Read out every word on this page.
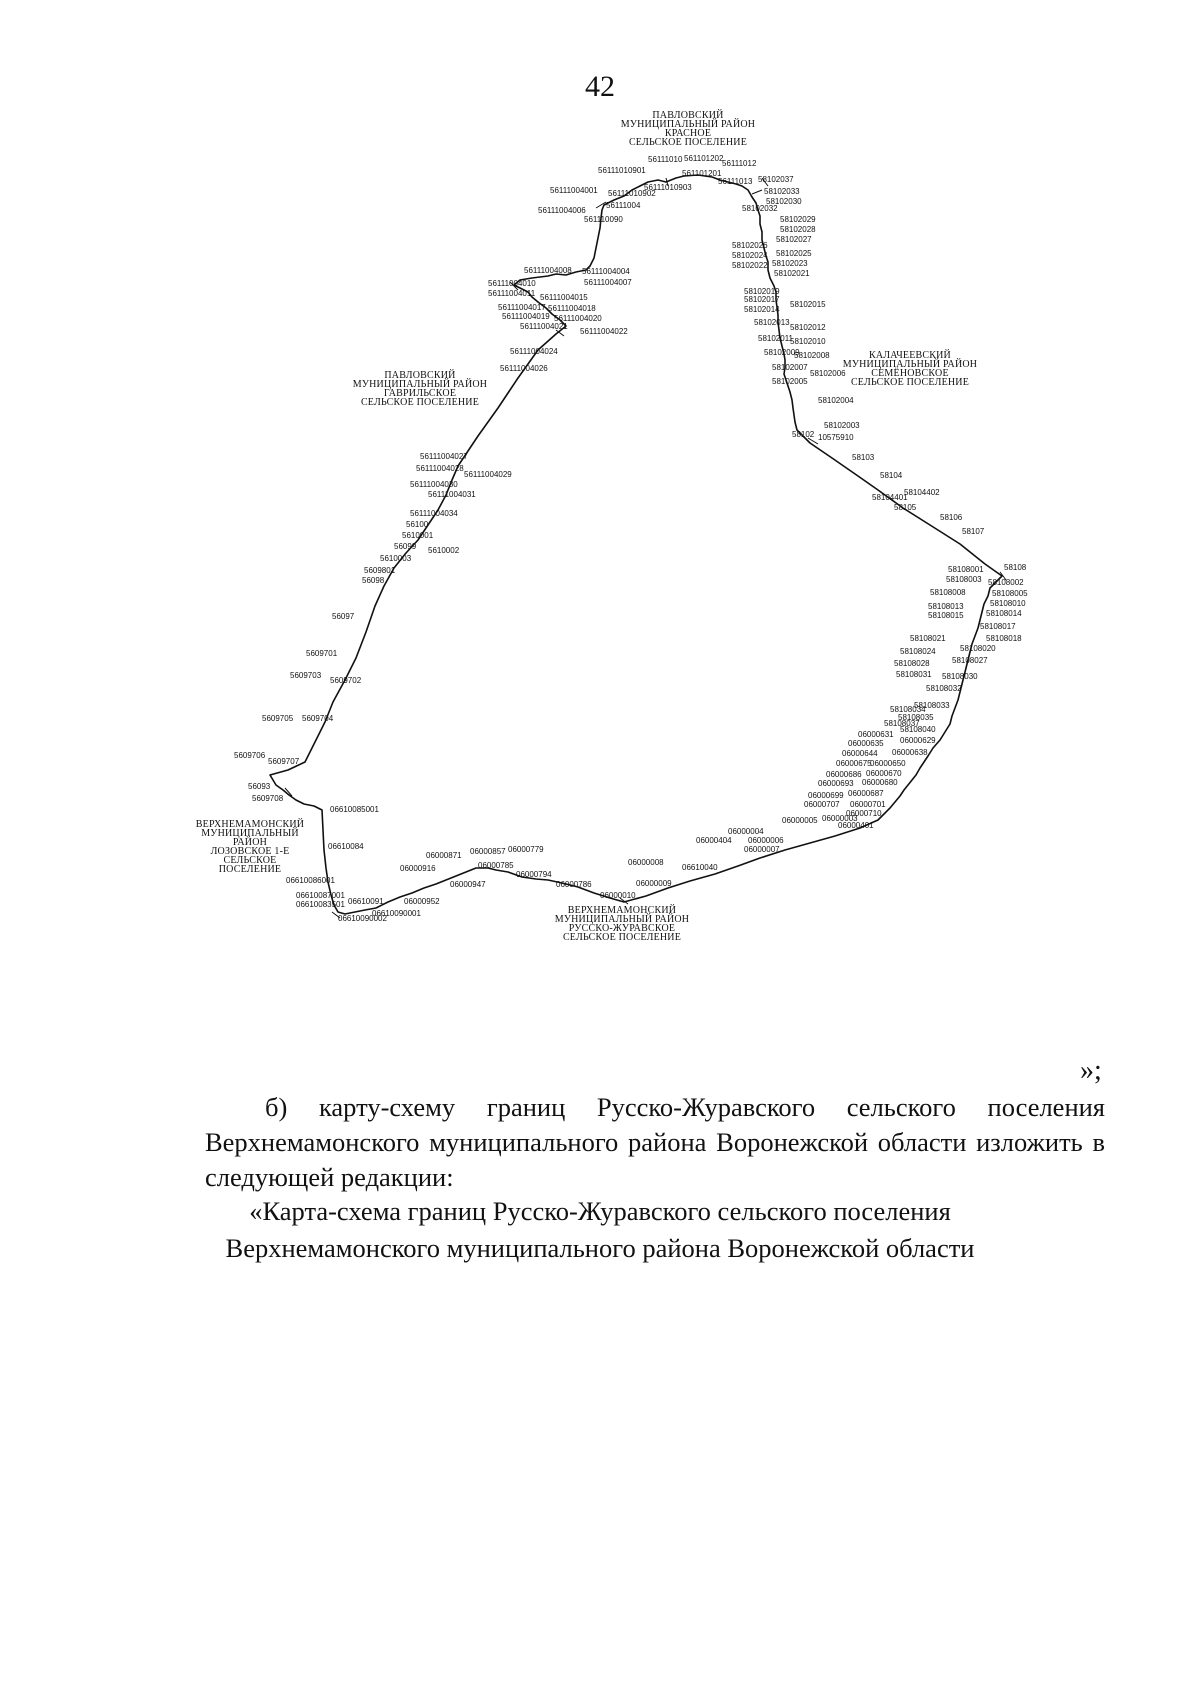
42
ПАВЛОВСКИЙ
МУНИЦИПАЛЬНЫЙ РАЙОН
КРАСНОЕ
СЕЛЬСКОЕ ПОСЕЛЕНИЕ
ПАВЛОВСКИЙ
МУНИЦИПАЛЬНЫЙ РАЙОН
ГАВРИЛЬСКОЕ
СЕЛЬСКОЕ ПОСЕЛЕНИЕ
КАЛАЧЕЕВСКИЙ
МУНИЦИПАЛЬНЫЙ РАЙОН
СЕМЁНОВСКОЕ
СЕЛЬСКОЕ ПОСЕЛЕНИЕ
ВЕРХНЕМАМОНСКИЙ
МУНИЦИПАЛЬНЫЙ
РАЙОН
ЛОЗОВСКОЕ 1-Е
СЕЛЬСКОЕ
ПОСЕЛЕНИЕ
ВЕРХНЕМАМОНСКИЙ
МУНИЦИПАЛЬНЫЙ РАЙОН
РУССКО-ЖУРАВСКОЕ
СЕЛЬСКОЕ ПОСЕЛЕНИЕ
56111010
56111010901
56111012
561101202
56111004001
56111004
56111004006
561101201
56111013 58102037
58102033
58102032
58102030
58102029
58102028
58102027
58102026
58102025
58102024
58102023
58102022
58102021
58102019
58102017
58102015
58102014
58102012
58102013
58102011
58102010
58102009
58102008
58102007
58102006
58102005
58102004
58102003
10575910
58102
58103
58104
58104401
58104402
58105
58106
58107
58108
58108001
58108002
58108003
58108005
58108008
58108010
58108013
58108014
58108015
58108017
58108021	58108018
58108024	58108020
58108028	58108027
58108031 58108030
58108032
58108034
58108033
58108037
58108035
06000631
58108040
06000635 06000629
06000644 06000638
06000675
06000650
06000670
06000686
06000680
06000693
06000687
06000699
06000701
06000707
06000710
06000003
06000401
06000005
06000004
06000404 06000006
06000007
06610040
06000008
06000009
06000010
06000786
06000794
06000779
06000785
06000857
06000871
06000916
06000947
06000952
06610091
06610090001
06610090002
06610087001
06610083501
06610086001
06610084
06610085001
56093
5609708
5609707
5609706
5609705 5609704
5609703
5609702
5609701
56097
56098
5609801
56099
5610003
5610002
5610001
56100
56111004034
56111004031
56111004030
56111004029
56111004028
56111004027
56111004026
56111004024
56111004022
56111004021
56111004020
56111004019
56111004018
56111004017
56111004015
56111004011
56111004010
56111004008
56111004007
56111004004
561110090
56111010903
56111010902
»;
б) карту-схему границ Русско-Журавского сельского поселения Верхнемамонского муниципального района Воронежской области изложить в следующей редакции:
«Карта-схема границ Русско-Журавского сельского поселения
Верхнемамонского муниципального района Воронежской области
